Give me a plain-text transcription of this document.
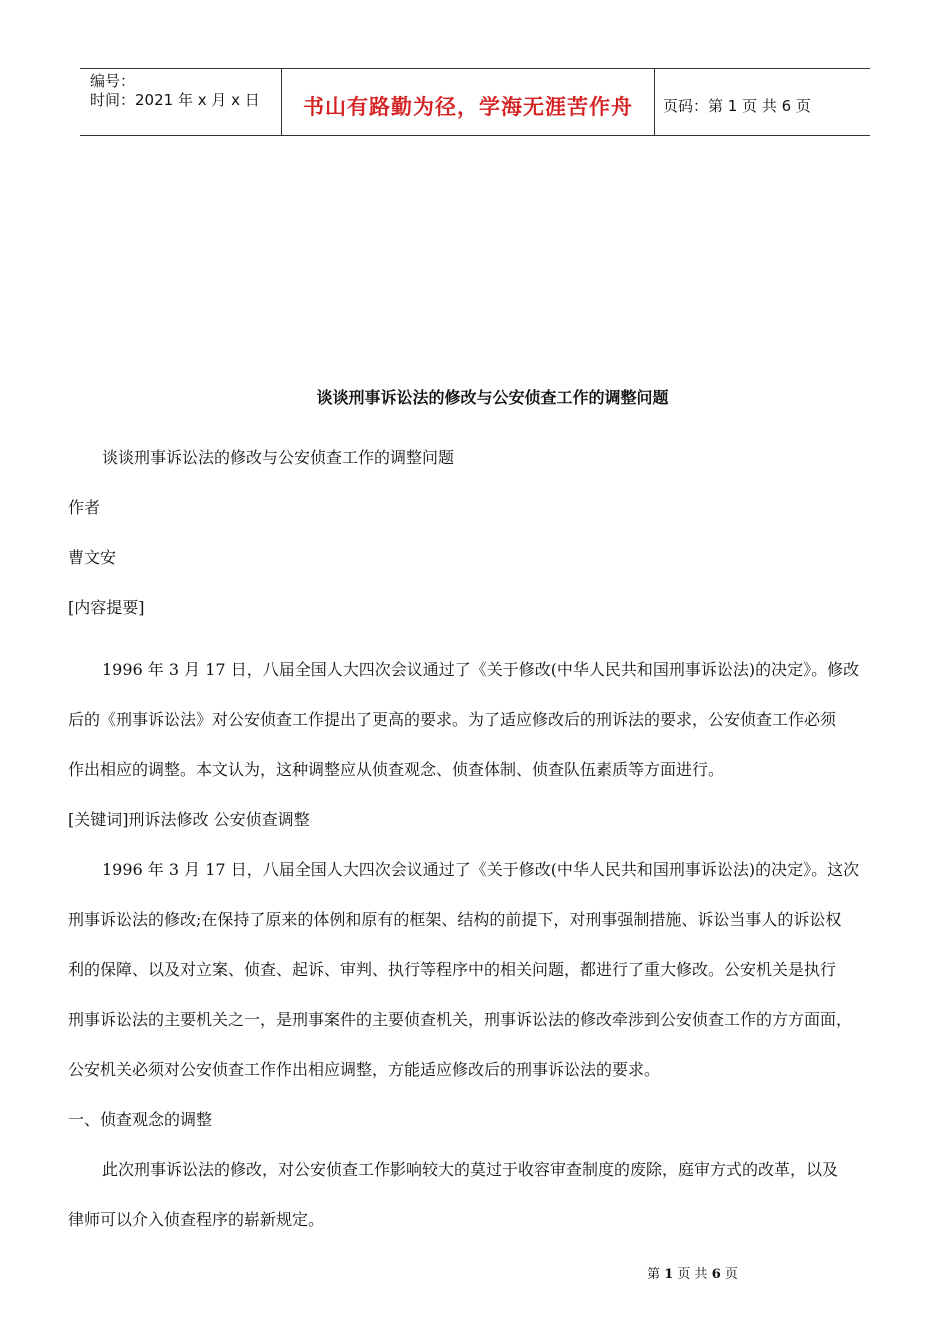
编号：
时间：2021 年 x 月 x 日	书山有路勤为径，学海无涯苦作舟	页码：第 1 页 共 6 页
谈谈刑事诉讼法的修改与公安侦查工作的调整问题
谈谈刑事诉讼法的修改与公安侦查工作的调整问题
作者
曹文安
[内容提要]
1996 年 3 月 17 日，八届全国人大四次会议通过了《关于修改(中华人民共和国刑事诉讼法)的决定》。修改
后的《刑事诉讼法》对公安侦查工作提出了更高的要求。为了适应修改后的刑诉法的要求，公安侦查工作必须
作出相应的调整。本文认为，这种调整应从侦查观念、侦查体制、侦查队伍素质等方面进行。
[关键词]刑诉法修改 公安侦查调整
1996 年 3 月 17 日，八届全国人大四次会议通过了《关于修改(中华人民共和国刑事诉讼法)的决定》。这次
刑事诉讼法的修改;在保持了原来的体例和原有的框架、结构的前提下，对刑事强制措施、诉讼当事人的诉讼权
利的保障、以及对立案、侦查、起诉、审判、执行等程序中的相关问题，都进行了重大修改。公安机关是执行
刑事诉讼法的主要机关之一，是刑事案件的主要侦查机关，刑事诉讼法的修改牵涉到公安侦查工作的方方面面，
公安机关必须对公安侦查工作作出相应调整，方能适应修改后的刑事诉讼法的要求。
一、侦查观念的调整
此次刑事诉讼法的修改，对公安侦查工作影响较大的莫过于收容审查制度的废除，庭审方式的改革，以及
律师可以介入侦查程序的崭新规定。
第 1 页 共 6 页
